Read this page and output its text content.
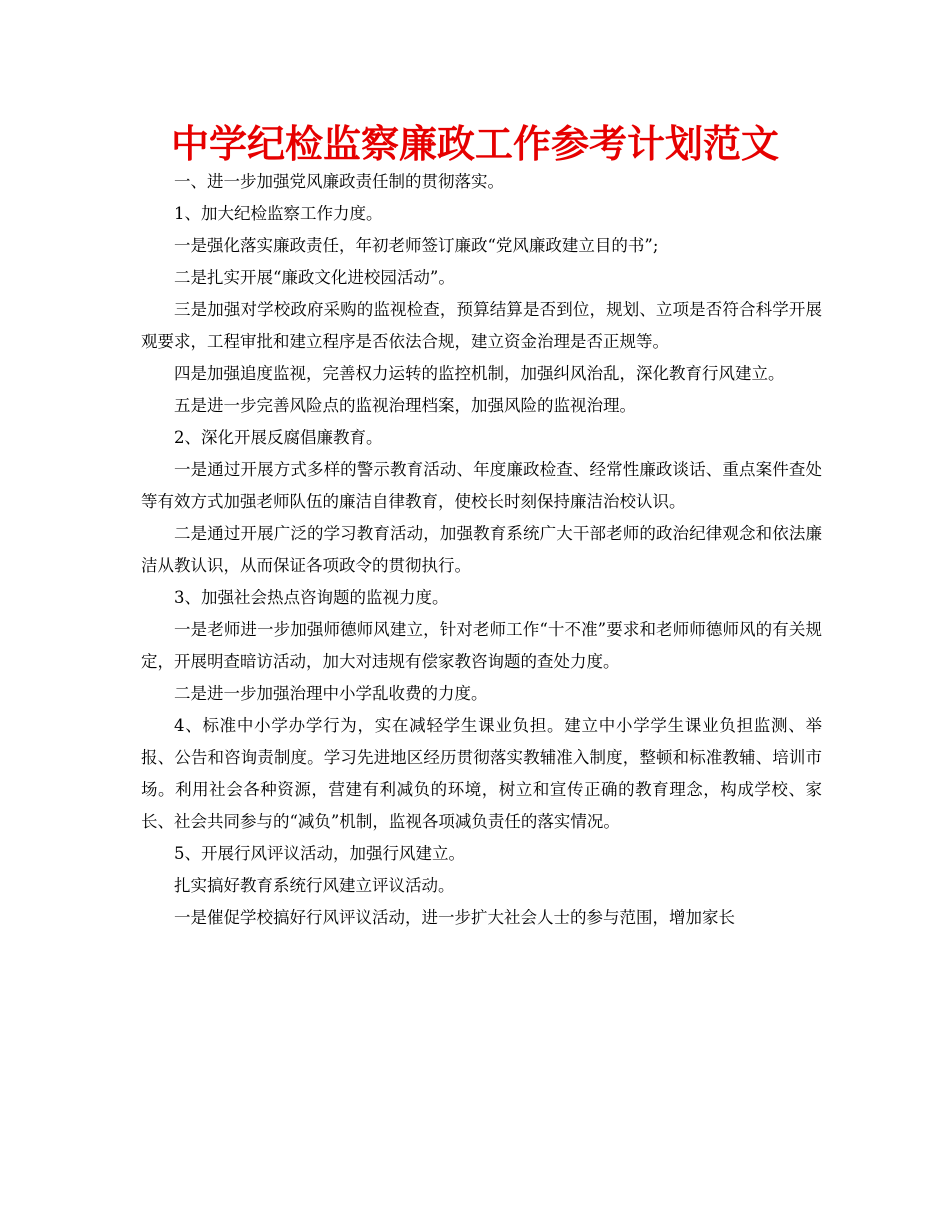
中学纪检监察廉政工作参考计划范文

一、进一步加强党风廉政责任制的贯彻落实。

1、加大纪检监察工作力度。

一是强化落实廉政责任，年初老师签订廉政“党风廉政建立目的书”;

二是扎实开展“廉政文化进校园活动”。

三是加强对学校政府采购的监视检查，预算结算是否到位，规划、立项是否符合科学开展观要求，工程审批和建立程序是否依法合规，建立资金治理是否正规等。

四是加强追度监视，完善权力运转的监控机制，加强纠风治乱，深化教育行风建立。

五是进一步完善风险点的监视治理档案，加强风险的监视治理。

2、深化开展反腐倡廉教育。

一是通过开展方式多样的警示教育活动、年度廉政检查、经常性廉政谈话、重点案件查处等有效方式加强老师队伍的廉洁自律教育，使校长时刻保持廉洁治校认识。

二是通过开展广泛的学习教育活动，加强教育系统广大干部老师的政治纪律观念和依法廉洁从教认识，从而保证各项政令的贯彻执行。

3、加强社会热点咨询题的监视力度。

一是老师进一步加强师德师风建立，针对老师工作“十不准”要求和老师师德师风的有关规定，开展明查暗访活动，加大对违规有偿家教咨询题的查处力度。

二是进一步加强治理中小学乱收费的力度。

4、标准中小学办学行为，实在减轻学生课业负担。建立中小学学生课业负担监测、举报、公告和咨询责制度。学习先进地区经历贯彻落实教辅准入制度，整顿和标准教辅、培训市场。利用社会各种资源，营建有利减负的环境，树立和宣传正确的教育理念，构成学校、家长、社会共同参与的“减负”机制，监视各项减负责任的落实情况。

5、开展行风评议活动，加强行风建立。

扎实搞好教育系统行风建立评议活动。

一是催促学校搞好行风评议活动，进一步扩大社会人士的参与范围，增加家长
